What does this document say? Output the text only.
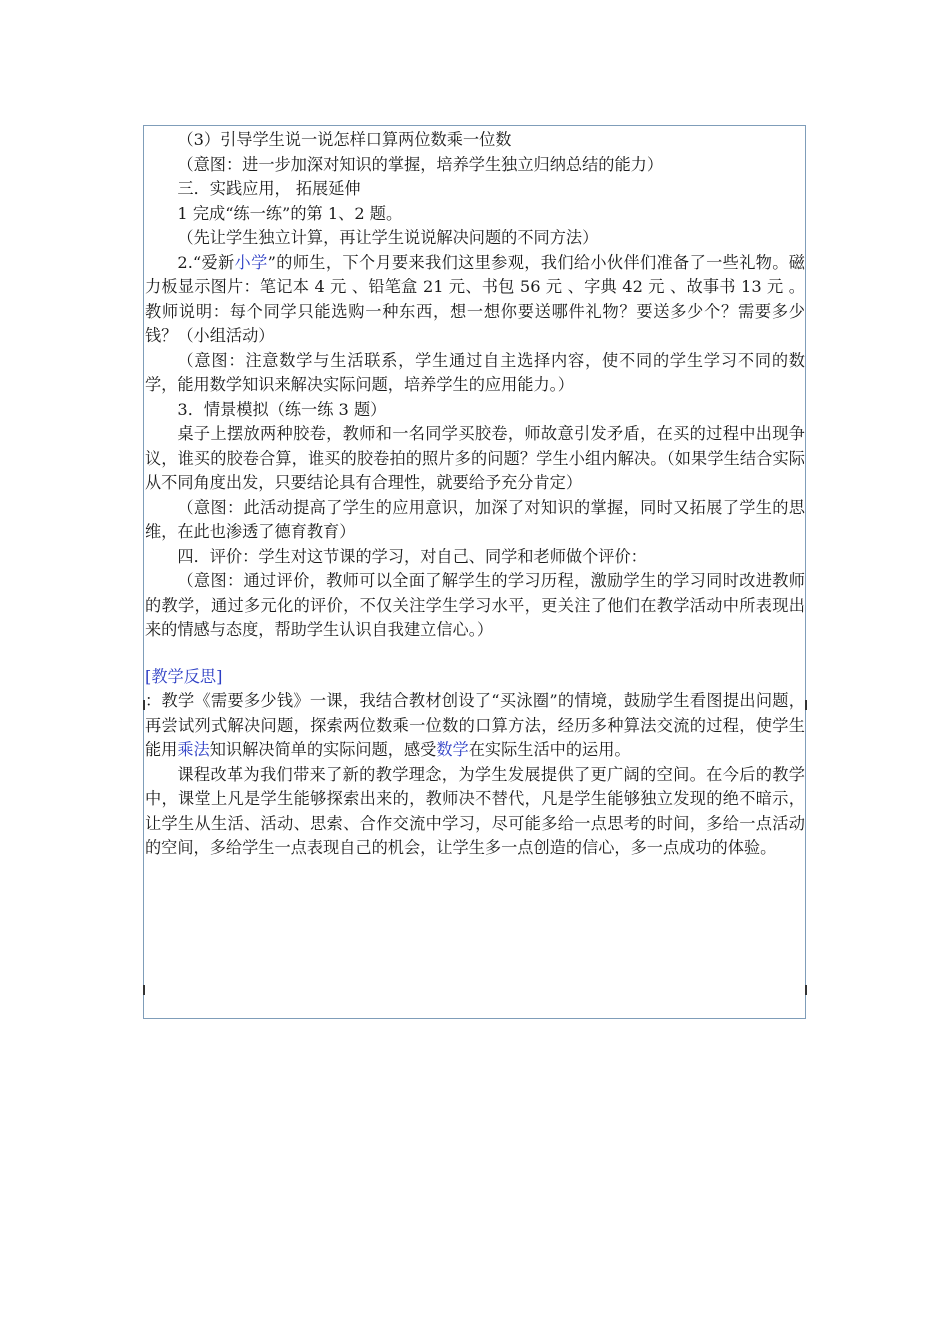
（3）引导学生说一说怎样口算两位数乘一位数

（意图：进一步加深对知识的掌握，培养学生独立归纳总结的能力）

三．实践应用， 拓展延伸

1 完成“练一练”的第 1、2 题。

（先让学生独立计算，再让学生说说解决问题的不同方法）

2.“爱新小学”的师生，下个月要来我们这里参观，我们给小伙伴们准备了一些礼物。磁力板显示图片：笔记本 4 元 、铅笔盒 21 元、书包 56 元 、字典 42 元 、故事书 13 元 。教师说明：每个同学只能选购一种东西，想一想你要送哪件礼物？要送多少个？需要多少钱？（小组活动）

（意图：注意数学与生活联系，学生通过自主选择内容，使不同的学生学习不同的数学，能用数学知识来解决实际问题，培养学生的应用能力。）

3．情景模拟（练一练 3 题）

桌子上摆放两种胶卷，教师和一名同学买胶卷，师故意引发矛盾，在买的过程中出现争议，谁买的胶卷合算，谁买的胶卷拍的照片多的问题？学生小组内解决。（如果学生结合实际从不同角度出发，只要结论具有合理性，就要给予充分肯定）

（意图：此活动提高了学生的应用意识，加深了对知识的掌握，同时又拓展了学生的思维，在此也渗透了德育教育）

四．评价：学生对这节课的学习，对自己、同学和老师做个评价：

（意图：通过评价，教师可以全面了解学生的学习历程，激励学生的学习同时改进教师的教学，通过多元化的评价，不仅关注学生学习水平，更关注了他们在教学活动中所表现出来的情感与态度，帮助学生认识自我建立信心。）

[教学反思]

：教学《需要多少钱》一课，我结合教材创设了“买泳圈”的情境，鼓励学生看图提出问题，再尝试列式解决问题，探索两位数乘一位数的口算方法，经历多种算法交流的过程，使学生能用乘法知识解决简单的实际问题，感受数学在实际生活中的运用。

课程改革为我们带来了新的教学理念，为学生发展提供了更广阔的空间。在今后的教学中，课堂上凡是学生能够探索出来的，教师决不替代，凡是学生能够独立发现的绝不暗示，让学生从生活、活动、思索、合作交流中学习，尽可能多给一点思考的时间，多给一点活动的空间，多给学生一点表现自己的机会，让学生多一点创造的信心，多一点成功的体验。
